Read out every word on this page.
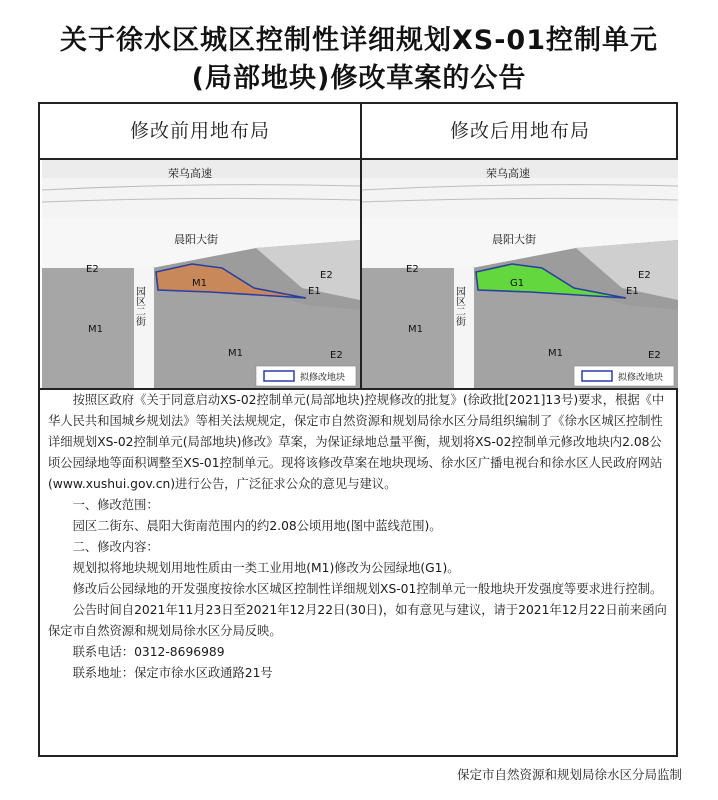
关于徐水区城区控制性详细规划XS-01控制单元
(局部地块)修改草案的公告
修改前用地布局	修改后用地布局
荣乌高速
晨阳大街
E2
E2
E1
M1
M1
M1	E2
园区二街
拟修改地块
荣乌高速
晨阳大街
E2
E2
E1
G1
M1
M1	E2
园区二街
拟修改地块

按照区政府《关于同意启动XS-02控制单元(局部地块)控规修改的批复》(徐政批[2021]13号)要求，根据《中华人民共和国城乡规划法》等相关法规规定，保定市自然资源和规划局徐水区分局组织编制了《徐水区城区控制性详细规划XS-02控制单元(局部地块)修改》草案，为保证绿地总量平衡，规划将XS-02控制单元修改地块内2.08公顷公园绿地等面积调整至XS-01控制单元。现将该修改草案在地块现场、徐水区广播电视台和徐水区人民政府网站(www.xushui.gov.cn)进行公告，广泛征求公众的意见与建议。

一、修改范围：

园区二街东、晨阳大街南范围内的约2.08公顷用地(图中蓝线范围)。

二、修改内容：

规划拟将地块规划用地性质由一类工业用地(M1)修改为公园绿地(G1)。

修改后公园绿地的开发强度按徐水区城区控制性详细规划XS-01控制单元一般地块开发强度等要求进行控制。

公告时间自2021年11月23日至2021年12月22日(30日)，如有意见与建议，请于2021年12月22日前来函向保定市自然资源和规划局徐水区分局反映。

联系电话：0312-8696989

联系地址：保定市徐水区政通路21号

保定市自然资源和规划局徐水区分局监制
